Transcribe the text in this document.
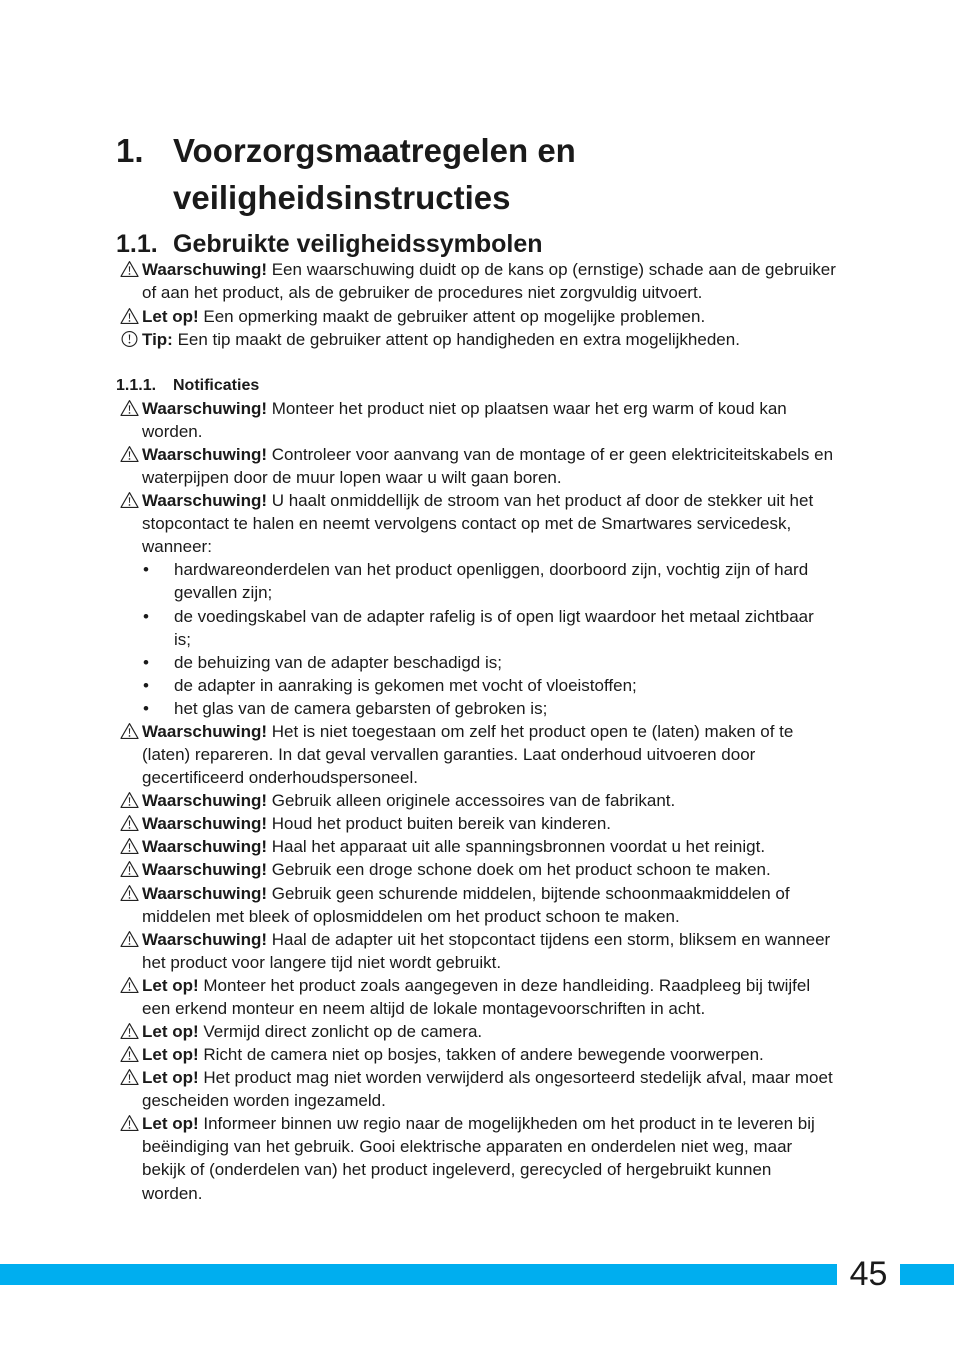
1. Voorzorgsmaatregelen en veiligheidsinstructies
1.1. Gebruikte veiligheidssymbolen
Waarschuwing! Een waarschuwing duidt op de kans op (ernstige) schade aan de gebruiker of aan het product, als de gebruiker de procedures niet zorgvuldig uitvoert.
Let op! Een opmerking maakt de gebruiker attent op mogelijke problemen.
Tip: Een tip maakt de gebruiker attent op handigheden en extra mogelijkheden.
1.1.1. Notificaties
Waarschuwing! Monteer het product niet op plaatsen waar het erg warm of koud kan worden.
Waarschuwing! Controleer voor aanvang van de montage of er geen elektriciteitskabels en waterpijpen door de muur lopen waar u wilt gaan boren.
Waarschuwing! U haalt onmiddellijk de stroom van het product af door de stekker uit het stopcontact te halen en neemt vervolgens contact op met de Smartwares servicedesk, wanneer:
• hardwareonderdelen van het product openliggen, doorboord zijn, vochtig zijn of hard gevallen zijn;
• de voedingskabel van de adapter rafelig is of open ligt waardoor het metaal zichtbaar is;
• de behuizing van de adapter beschadigd is;
• de adapter in aanraking is gekomen met vocht of vloeistoffen;
• het glas van de camera gebarsten of gebroken is;
Waarschuwing! Het is niet toegestaan om zelf het product open te (laten) maken of te (laten) repareren. In dat geval vervallen garanties. Laat onderhoud uitvoeren door gecertificeerd onderhoudspersoneel.
Waarschuwing! Gebruik alleen originele accessoires van de fabrikant.
Waarschuwing! Houd het product buiten bereik van kinderen.
Waarschuwing! Haal het apparaat uit alle spanningsbronnen voordat u het reinigt.
Waarschuwing! Gebruik een droge schone doek om het product schoon te maken.
Waarschuwing! Gebruik geen schurende middelen, bijtende schoonmaakmiddelen of middelen met bleek of oplosmiddelen om het product schoon te maken.
Waarschuwing! Haal de adapter uit het stopcontact tijdens een storm, bliksem en wanneer het product voor langere tijd niet wordt gebruikt.
Let op! Monteer het product zoals aangegeven in deze handleiding. Raadpleeg bij twijfel een erkend monteur en neem altijd de lokale montagevoorschriften in acht.
Let op! Vermijd direct zonlicht op de camera.
Let op! Richt de camera niet op bosjes, takken of andere bewegende voorwerpen.
Let op! Het product mag niet worden verwijderd als ongesorteerd stedelijk afval, maar moet gescheiden worden ingezameld.
Let op! Informeer binnen uw regio naar de mogelijkheden om het product in te leveren bij beëindiging van het gebruik. Gooi elektrische apparaten en onderdelen niet weg, maar bekijk of (onderdelen van) het product ingeleverd, gerecycled of hergebruikt kunnen worden.
45
